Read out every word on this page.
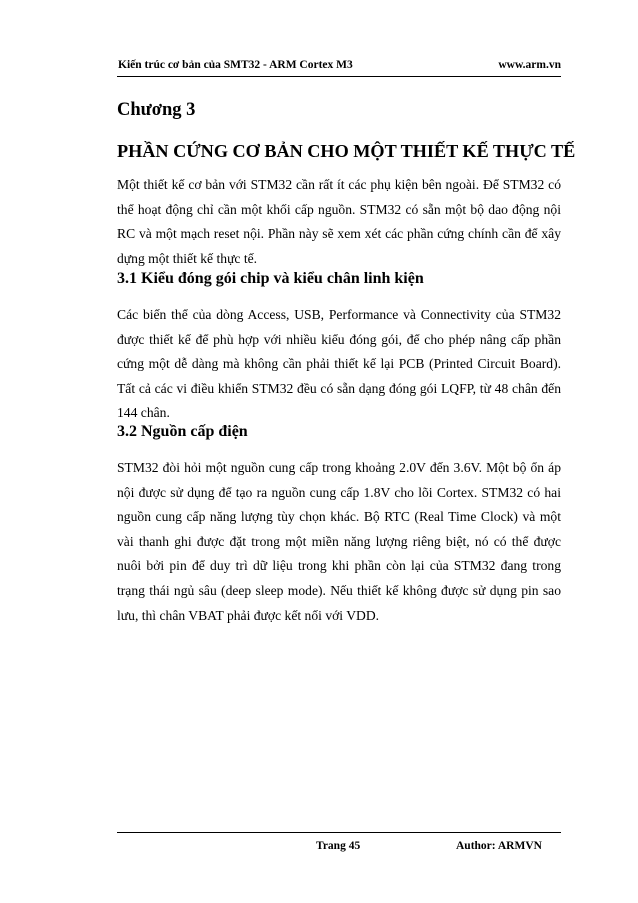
Kiến trúc cơ bản của SMT32 - ARM Cortex M3	www.arm.vn
Chương 3
PHẦN CỨNG CƠ BẢN CHO MỘT THIẾT KẾ THỰC TẾ
Một thiết kế cơ bản với STM32 cần rất ít các phụ kiện bên ngoài. Để STM32 có thể hoạt động chỉ cần một khối cấp nguồn. STM32 có sẵn một bộ dao động nội RC và một mạch reset nội. Phần này sẽ xem xét các phần cứng chính cần để xây dựng một thiết kế thực tế.
3.1 Kiểu đóng gói chip và kiểu chân linh kiện
Các biến thể của dòng Access, USB, Performance và Connectivity của STM32 được thiết kế để phù hợp với nhiều kiểu đóng gói, để cho phép nâng cấp phần cứng một dễ dàng mà không cần phải thiết kế lại PCB (Printed Circuit Board). Tất cả các vi điều khiển STM32 đều có sẵn dạng đóng gói LQFP, từ 48 chân đến 144 chân.
3.2 Nguồn cấp điện
STM32 đòi hỏi một nguồn cung cấp trong khoảng 2.0V đến 3.6V. Một bộ ổn áp nội được sử dụng để tạo ra nguồn cung cấp 1.8V cho lõi Cortex. STM32 có hai nguồn cung cấp năng lượng tùy chọn khác. Bộ RTC (Real Time Clock) và một vài thanh ghi được đặt trong một miền năng lượng riêng biệt, nó có thể được nuôi bởi pin để duy trì dữ liệu trong khi phần còn lại của STM32 đang trong trạng thái ngủ sâu (deep sleep mode). Nếu thiết kế không được sử dụng pin sao lưu, thì chân VBAT phải được kết nối với VDD.
Trang 45	Author: ARMVN
